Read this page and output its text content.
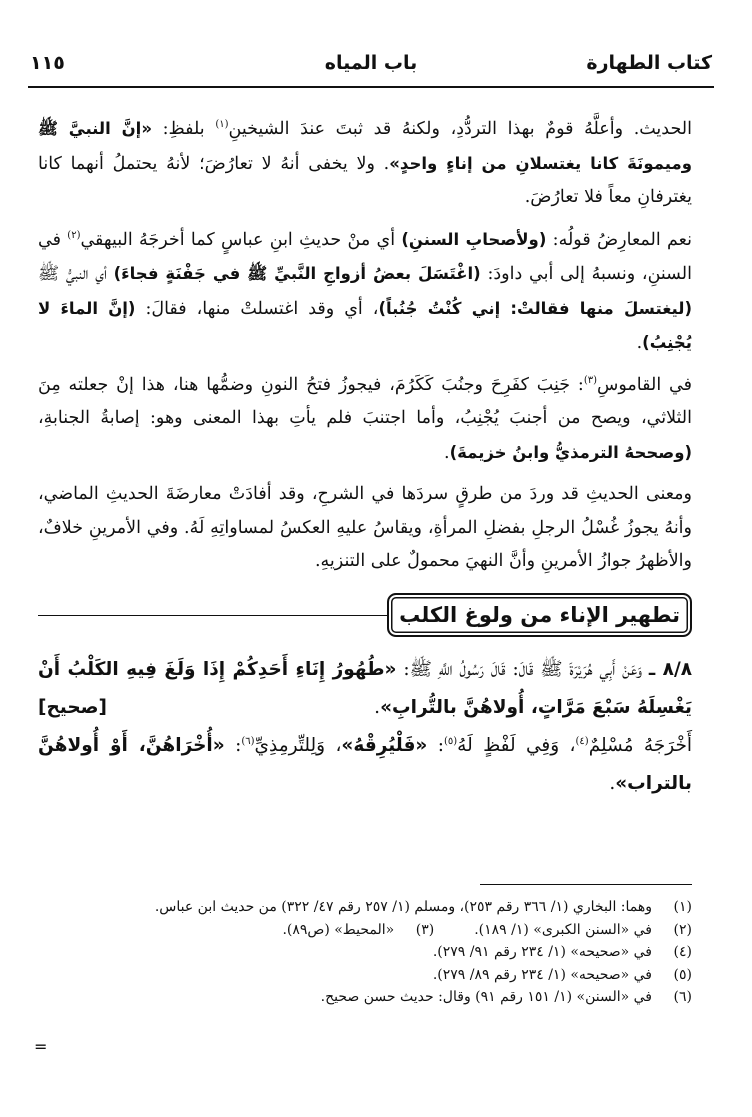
كتاب الطهارة
باب المياه
١١٥

الحديث. وأعلَّهُ قومٌ بهذا التردُّدِ، ولكنهُ قد ثبتَ عندَ الشيخينِ$^{(١)}$ بلفظِ: «إنَّ النبيَّ ﷺ وميمونَةَ كانا يغتسلانِ من إناءٍ واحدٍ». ولا يخفى أنهُ لا تعارُضَ؛ لأنهُ يحتملُ أنهما كانا يغترفانِ معاً فلا تعارُضَ.

نعم المعارِضُ قولُه: (ولأصحابِ السننِ) أي منْ حديثِ ابنِ عباسٍ كما أخرجَهُ البيهقي$^{(٢)}$ في السننِ، ونسبهُ إلى أبي داودَ: (اغْتَسَلَ بعضُ أزواجِ النَّبيِّ ﷺ في جَفْنَةٍ فجاءَ) أي النبيُّ ﷺ (ليغتسلَ منها فقالتْ: إني كُنْتُ جُنُباً)، أي وقد اغتسلتْ منها، فقالَ: (إنَّ الماءَ لا يُجْنِبُ).

في القاموسِ$^{(٣)}$: جَنِبَ كفَرِحَ وجنُبَ كَكَرُمَ، فيجوزُ فتحُ النونِ وضمُّها هنا، هذا إنْ جعلته مِنَ الثلاثي، ويصح من أجنبَ يُجْنِبُ، وأما اجتنبَ فلم يأتِ بهذا المعنى وهو: إصابةُ الجنابةِ، (وصححهُ الترمذيُّ وابنُ خزيمةَ).

ومعنى الحديثِ قد وردَ من طرقٍ سردَها في الشرحِ، وقد أفادَتْ معارضَةَ الحديثِ الماضي، وأنهُ يجوزُ غُسْلُ الرجلِ بفضلِ المرأةِ، ويقاسُ عليهِ العكسُ لمساواتِهِ لَهُ. وفي الأمرينِ خلافٌ، والأظهرُ جوازُ الأمرينِ وأنَّ النهيَ محمولٌ على التنزيهِ.

تطهير الإناء من ولوغ الكلب

٨/٨ ـ وَعَنْ أَبِي هُرَيْرَةَ ﷺ قَالَ: قَالَ رَسُولُ اللَّهِ ﷺ: «طُهُورُ إِنَاءِ أَحَدِكُمْ إِذَا وَلَغَ فِيهِ الكَلْبُ أَنْ يَغْسِلَهُ سَبْعَ مَرَّاتٍ، أُولاهُنَّ بالتُّرابِ».
[صحيح]

أَخْرَجَهُ مُسْلِمٌ$^{(٤)}$، وَفِي لَفْظٍ لَهُ$^{(٥)}$: «فَلْيُرِقْهُ»، وَلِلتِّرمِذِيِّ$^{(٦)}$: «أُخْرَاهُنَّ، أَوْ أُولاهُنَّ بالتراب».

(١)
وهما: البخاري (١/ ٣٦٦ رقم ٢٥٣)، ومسلم (١/ ٢٥٧ رقم ٤٧/ ٣٢٢) من حديث ابن عباس.

(٢)
في «السنن الكبرى» (١/ ١٨٩).

(٣)
«المحيط» (ص٨٩).

(٤)
في «صحيحه» (١/ ٢٣٤ رقم ٩١/ ٢٧٩).

(٥)
في «صحيحه» (١/ ٢٣٤ رقم ٨٩/ ٢٧٩).

(٦)
في «السنن» (١/ ١٥١ رقم ٩١) وقال: حديث حسن صحيح.

=
